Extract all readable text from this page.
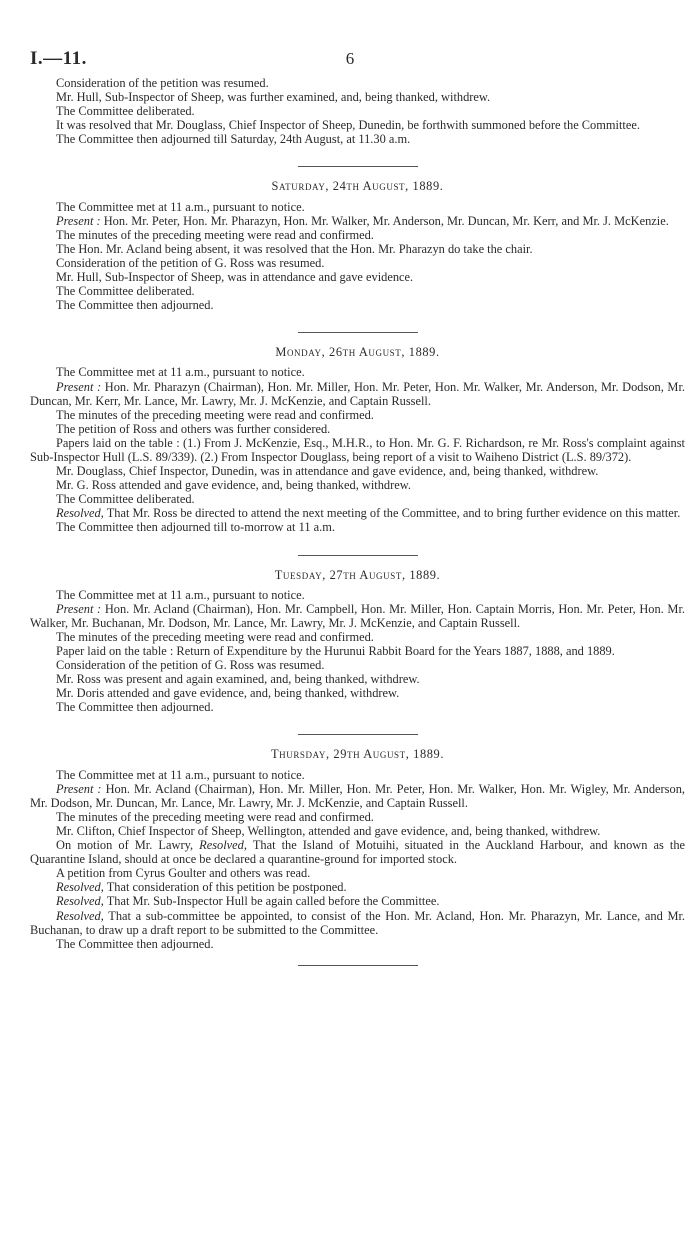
I.—11.	6

Consideration of the petition was resumed.

Mr. Hull, Sub-Inspector of Sheep, was further examined, and, being thanked, withdrew.

The Committee deliberated.

It was resolved that Mr. Douglass, Chief Inspector of Sheep, Dunedin, be forthwith summoned before the Committee.

The Committee then adjourned till Saturday, 24th August, at 11.30 a.m.

Saturday, 24th August, 1889.

The Committee met at 11 a.m., pursuant to notice.

Present : Hon. Mr. Peter, Hon. Mr. Pharazyn, Hon. Mr. Walker, Mr. Anderson, Mr. Duncan, Mr. Kerr, and Mr. J. McKenzie.

The minutes of the preceding meeting were read and confirmed.

The Hon. Mr. Acland being absent, it was resolved that the Hon. Mr. Pharazyn do take the chair.

Consideration of the petition of G. Ross was resumed.

Mr. Hull, Sub-Inspector of Sheep, was in attendance and gave evidence.

The Committee deliberated.

The Committee then adjourned.

Monday, 26th August, 1889.

The Committee met at 11 a.m., pursuant to notice.

Present : Hon. Mr. Pharazyn (Chairman), Hon. Mr. Miller, Hon. Mr. Peter, Hon. Mr. Walker, Mr. Anderson, Mr. Dodson, Mr. Duncan, Mr. Kerr, Mr. Lance, Mr. Lawry, Mr. J. McKenzie, and Captain Russell.

The minutes of the preceding meeting were read and confirmed.

The petition of Ross and others was further considered.

Papers laid on the table : (1.) From J. McKenzie, Esq., M.H.R., to Hon. Mr. G. F. Richardson, re Mr. Ross's complaint against Sub-Inspector Hull (L.S. 89/339). (2.) From Inspector Douglass, being report of a visit to Waiheno District (L.S. 89/372).

Mr. Douglass, Chief Inspector, Dunedin, was in attendance and gave evidence, and, being thanked, withdrew.

Mr. G. Ross attended and gave evidence, and, being thanked, withdrew.

The Committee deliberated.

Resolved, That Mr. Ross be directed to attend the next meeting of the Committee, and to bring further evidence on this matter.

The Committee then adjourned till to-morrow at 11 a.m.

Tuesday, 27th August, 1889.

The Committee met at 11 a.m., pursuant to notice.

Present : Hon. Mr. Acland (Chairman), Hon. Mr. Campbell, Hon. Mr. Miller, Hon. Captain Morris, Hon. Mr. Peter, Hon. Mr. Walker, Mr. Buchanan, Mr. Dodson, Mr. Lance, Mr. Lawry, Mr. J. McKenzie, and Captain Russell.

The minutes of the preceding meeting were read and confirmed.

Paper laid on the table : Return of Expenditure by the Hurunui Rabbit Board for the Years 1887, 1888, and 1889.

Consideration of the petition of G. Ross was resumed.

Mr. Ross was present and again examined, and, being thanked, withdrew.

Mr. Doris attended and gave evidence, and, being thanked, withdrew.

The Committee then adjourned.

Thursday, 29th August, 1889.

The Committee met at 11 a.m., pursuant to notice.

Present : Hon. Mr. Acland (Chairman), Hon. Mr. Miller, Hon. Mr. Peter, Hon. Mr. Walker, Hon. Mr. Wigley, Mr. Anderson, Mr. Dodson, Mr. Duncan, Mr. Lance, Mr. Lawry, Mr. J. McKenzie, and Captain Russell.

The minutes of the preceding meeting were read and confirmed.

Mr. Clifton, Chief Inspector of Sheep, Wellington, attended and gave evidence, and, being thanked, withdrew.

On motion of Mr. Lawry, Resolved, That the Island of Motuihi, situated in the Auckland Harbour, and known as the Quarantine Island, should at once be declared a quarantine-ground for imported stock.

A petition from Cyrus Goulter and others was read.

Resolved, That consideration of this petition be postponed.

Resolved, That Mr. Sub-Inspector Hull be again called before the Committee.

Resolved, That a sub-committee be appointed, to consist of the Hon. Mr. Acland, Hon. Mr. Pharazyn, Mr. Lance, and Mr. Buchanan, to draw up a draft report to be submitted to the Committee.

The Committee then adjourned.
